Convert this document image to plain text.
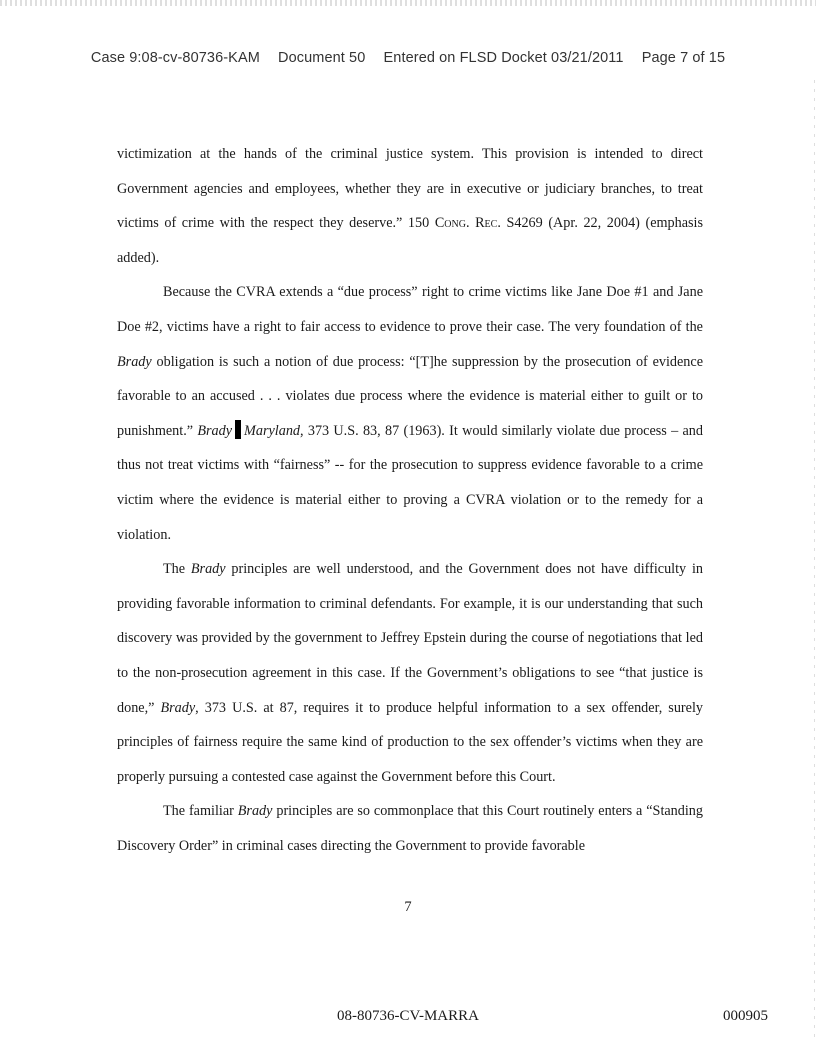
Case 9:08-cv-80736-KAM Document 50 Entered on FLSD Docket 03/21/2011 Page 7 of 15

victimization at the hands of the criminal justice system. This provision is intended to direct Government agencies and employees, whether they are in executive or judiciary branches, to treat victims of crime with the respect they deserve.” 150 Cong. Rec. S4269 (Apr. 22, 2004) (emphasis added).

Because the CVRA extends a “due process” right to crime victims like Jane Doe #1 and Jane Doe #2, victims have a right to fair access to evidence to prove their case. The very foundation of the Brady obligation is such a notion of due process: “[T]he suppression by the prosecution of evidence favorable to an accused . . . violates due process where the evidence is material either to guilt or to punishment.” Brady Maryland, 373 U.S. 83, 87 (1963). It would similarly violate due process – and thus not treat victims with “fairness” -- for the prosecution to suppress evidence favorable to a crime victim where the evidence is material either to proving a CVRA violation or to the remedy for a violation.

The Brady principles are well understood, and the Government does not have difficulty in providing favorable information to criminal defendants. For example, it is our understanding that such discovery was provided by the government to Jeffrey Epstein during the course of negotiations that led to the non-prosecution agreement in this case. If the Government’s obligations to see “that justice is done,” Brady, 373 U.S. at 87, requires it to produce helpful information to a sex offender, surely principles of fairness require the same kind of production to the sex offender’s victims when they are properly pursuing a contested case against the Government before this Court.

The familiar Brady principles are so commonplace that this Court routinely enters a “Standing Discovery Order” in criminal cases directing the Government to provide favorable

7
08-80736-CV-MARRA	000905
